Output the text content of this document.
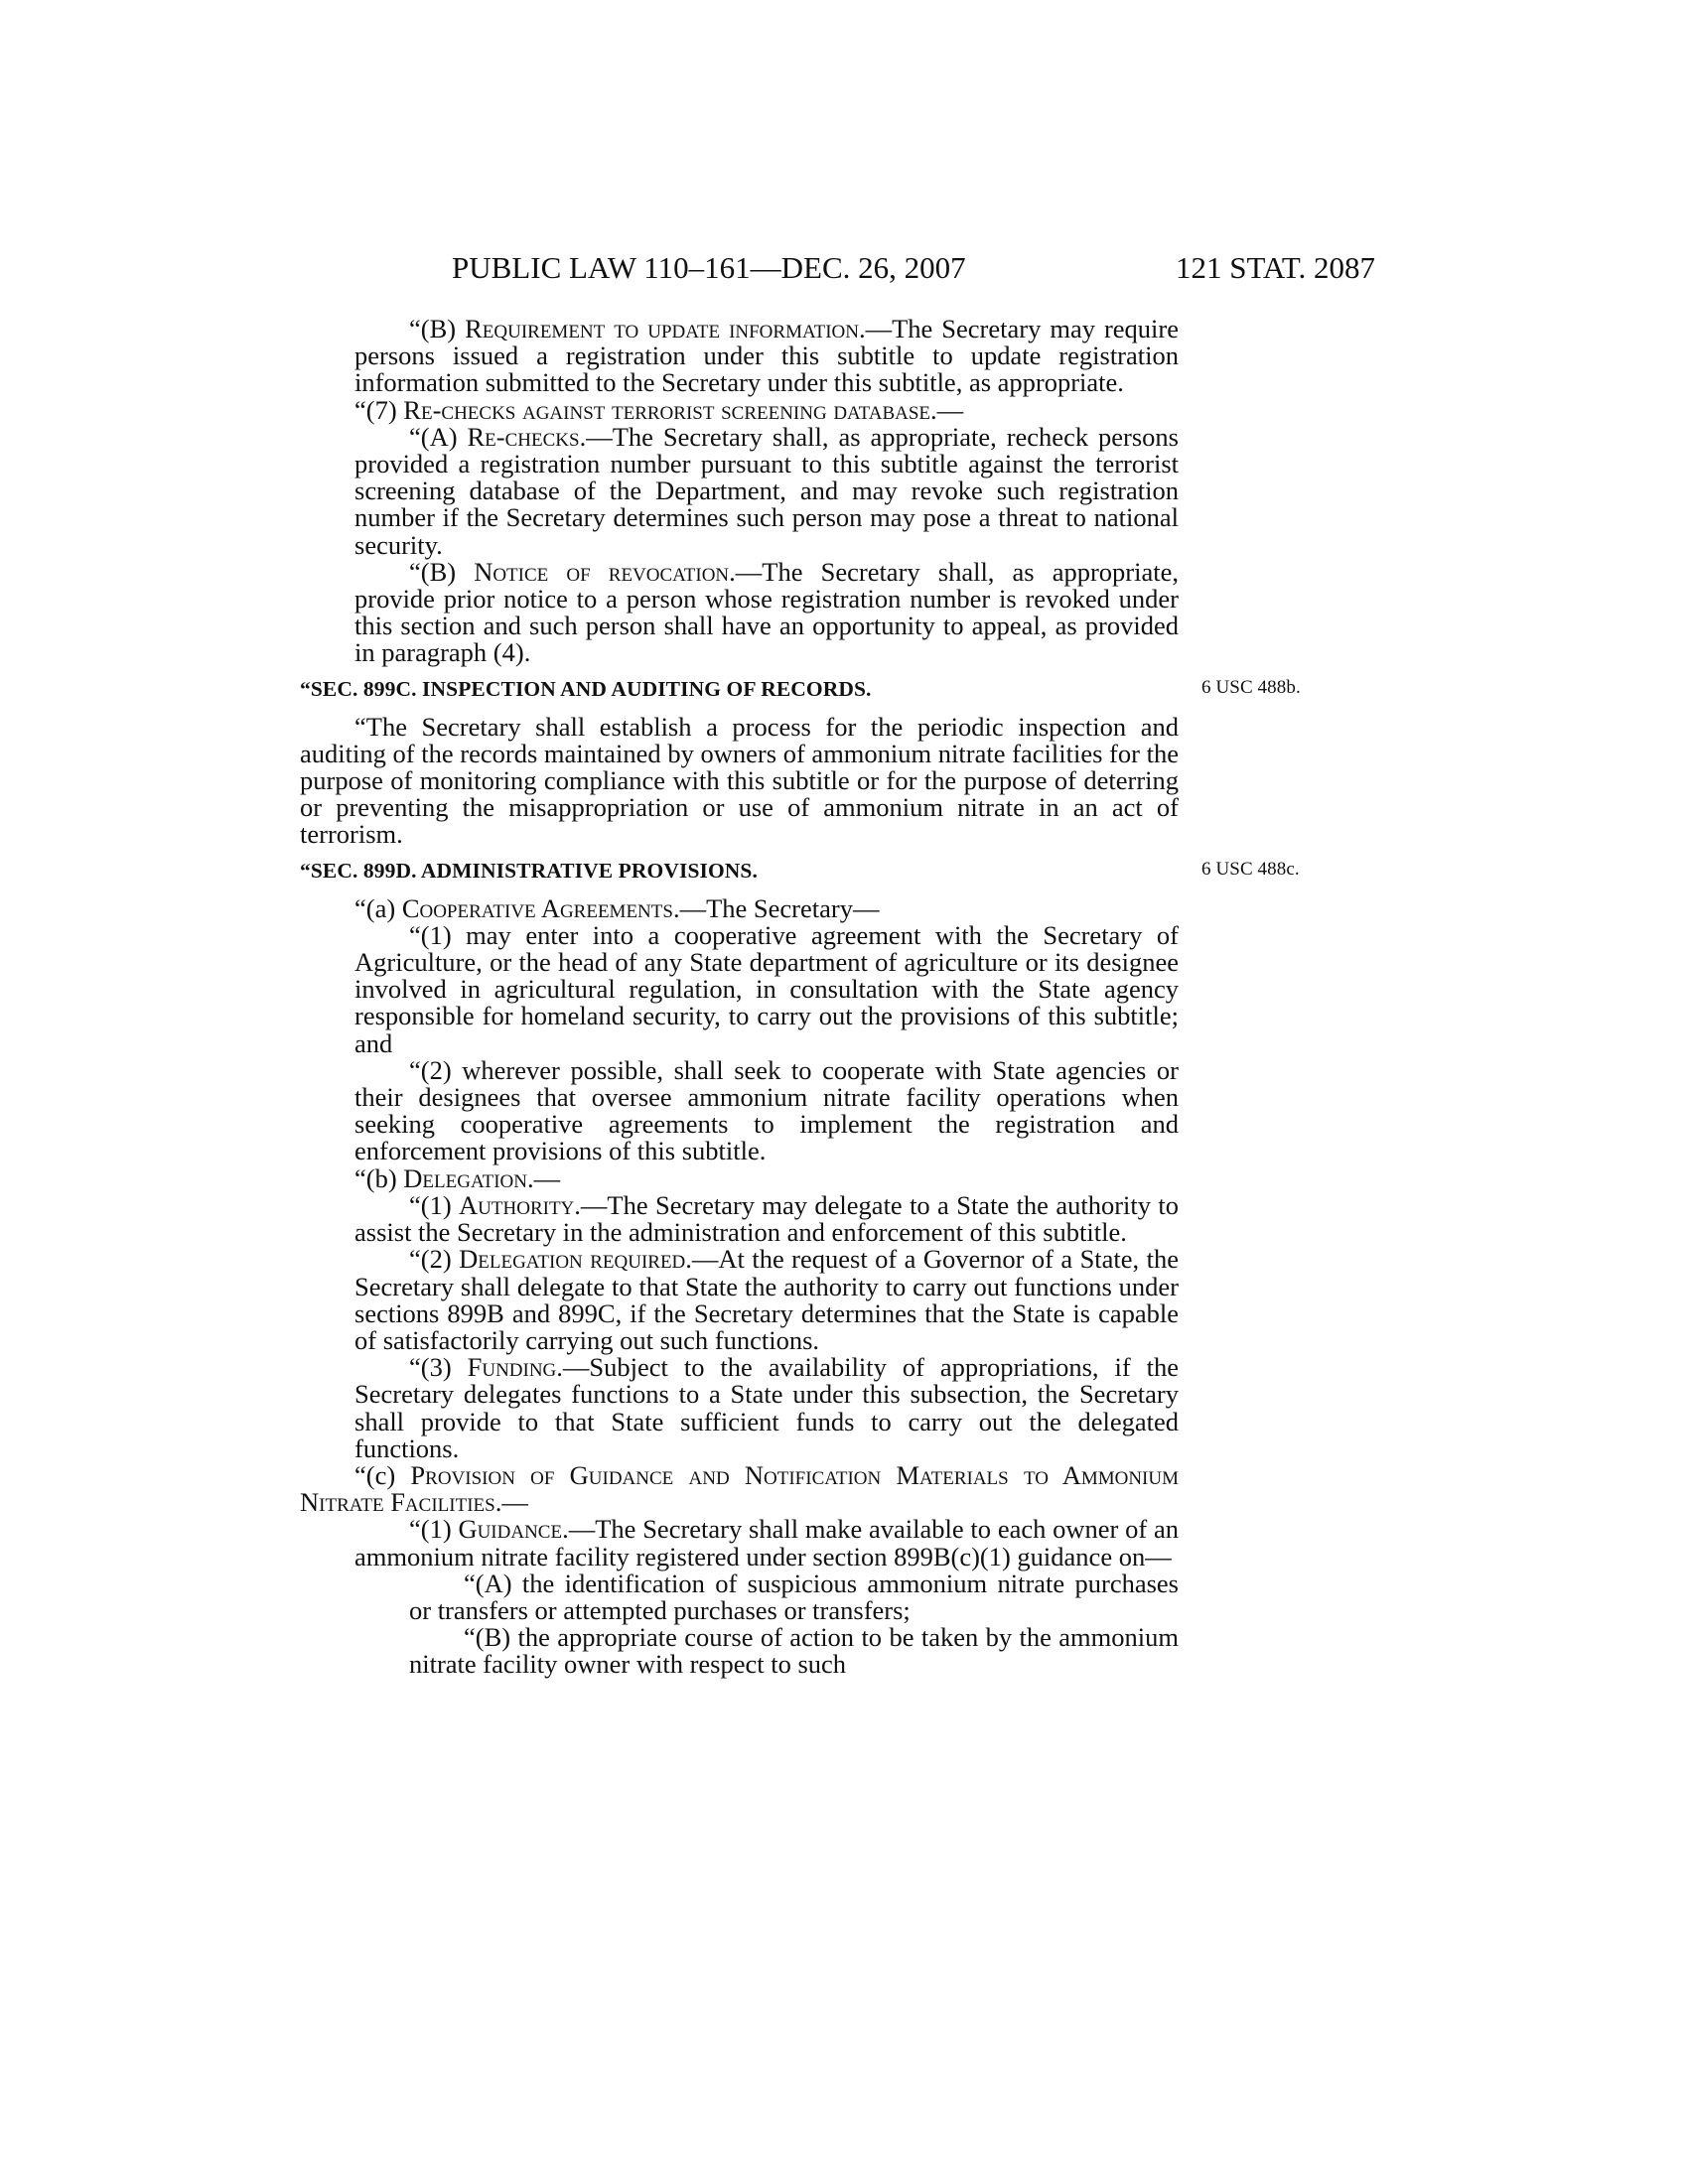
PUBLIC LAW 110–161—DEC. 26, 2007	121 STAT. 2087

“(B) Requirement to update information.—The Secretary may require persons issued a registration under this subtitle to update registration information submitted to the Secretary under this subtitle, as appropriate.

“(7) Re-checks against terrorist screening database.—

“(A) Re-checks.—The Secretary shall, as appropriate, recheck persons provided a registration number pursuant to this subtitle against the terrorist screening database of the Department, and may revoke such registration number if the Secretary determines such person may pose a threat to national security.

“(B) Notice of revocation.—The Secretary shall, as appropriate, provide prior notice to a person whose registration number is revoked under this section and such person shall have an opportunity to appeal, as provided in paragraph (4).

“SEC. 899C. INSPECTION AND AUDITING OF RECORDS.	6 USC 488b.

“The Secretary shall establish a process for the periodic inspection and auditing of the records maintained by owners of ammonium nitrate facilities for the purpose of monitoring compliance with this subtitle or for the purpose of deterring or preventing the misappropriation or use of ammonium nitrate in an act of terrorism.

“SEC. 899D. ADMINISTRATIVE PROVISIONS.	6 USC 488c.

“(a) Cooperative Agreements.—The Secretary—

“(1) may enter into a cooperative agreement with the Secretary of Agriculture, or the head of any State department of agriculture or its designee involved in agricultural regulation, in consultation with the State agency responsible for homeland security, to carry out the provisions of this subtitle; and

“(2) wherever possible, shall seek to cooperate with State agencies or their designees that oversee ammonium nitrate facility operations when seeking cooperative agreements to implement the registration and enforcement provisions of this subtitle.

“(b) Delegation.—

“(1) Authority.—The Secretary may delegate to a State the authority to assist the Secretary in the administration and enforcement of this subtitle.

“(2) Delegation required.—At the request of a Governor of a State, the Secretary shall delegate to that State the authority to carry out functions under sections 899B and 899C, if the Secretary determines that the State is capable of satisfactorily carrying out such functions.

“(3) Funding.—Subject to the availability of appropriations, if the Secretary delegates functions to a State under this subsection, the Secretary shall provide to that State sufficient funds to carry out the delegated functions.

“(c) Provision of Guidance and Notification Materials to Ammonium Nitrate Facilities.—

“(1) Guidance.—The Secretary shall make available to each owner of an ammonium nitrate facility registered under section 899B(c)(1) guidance on—

“(A) the identification of suspicious ammonium nitrate purchases or transfers or attempted purchases or transfers;

“(B) the appropriate course of action to be taken by the ammonium nitrate facility owner with respect to such
